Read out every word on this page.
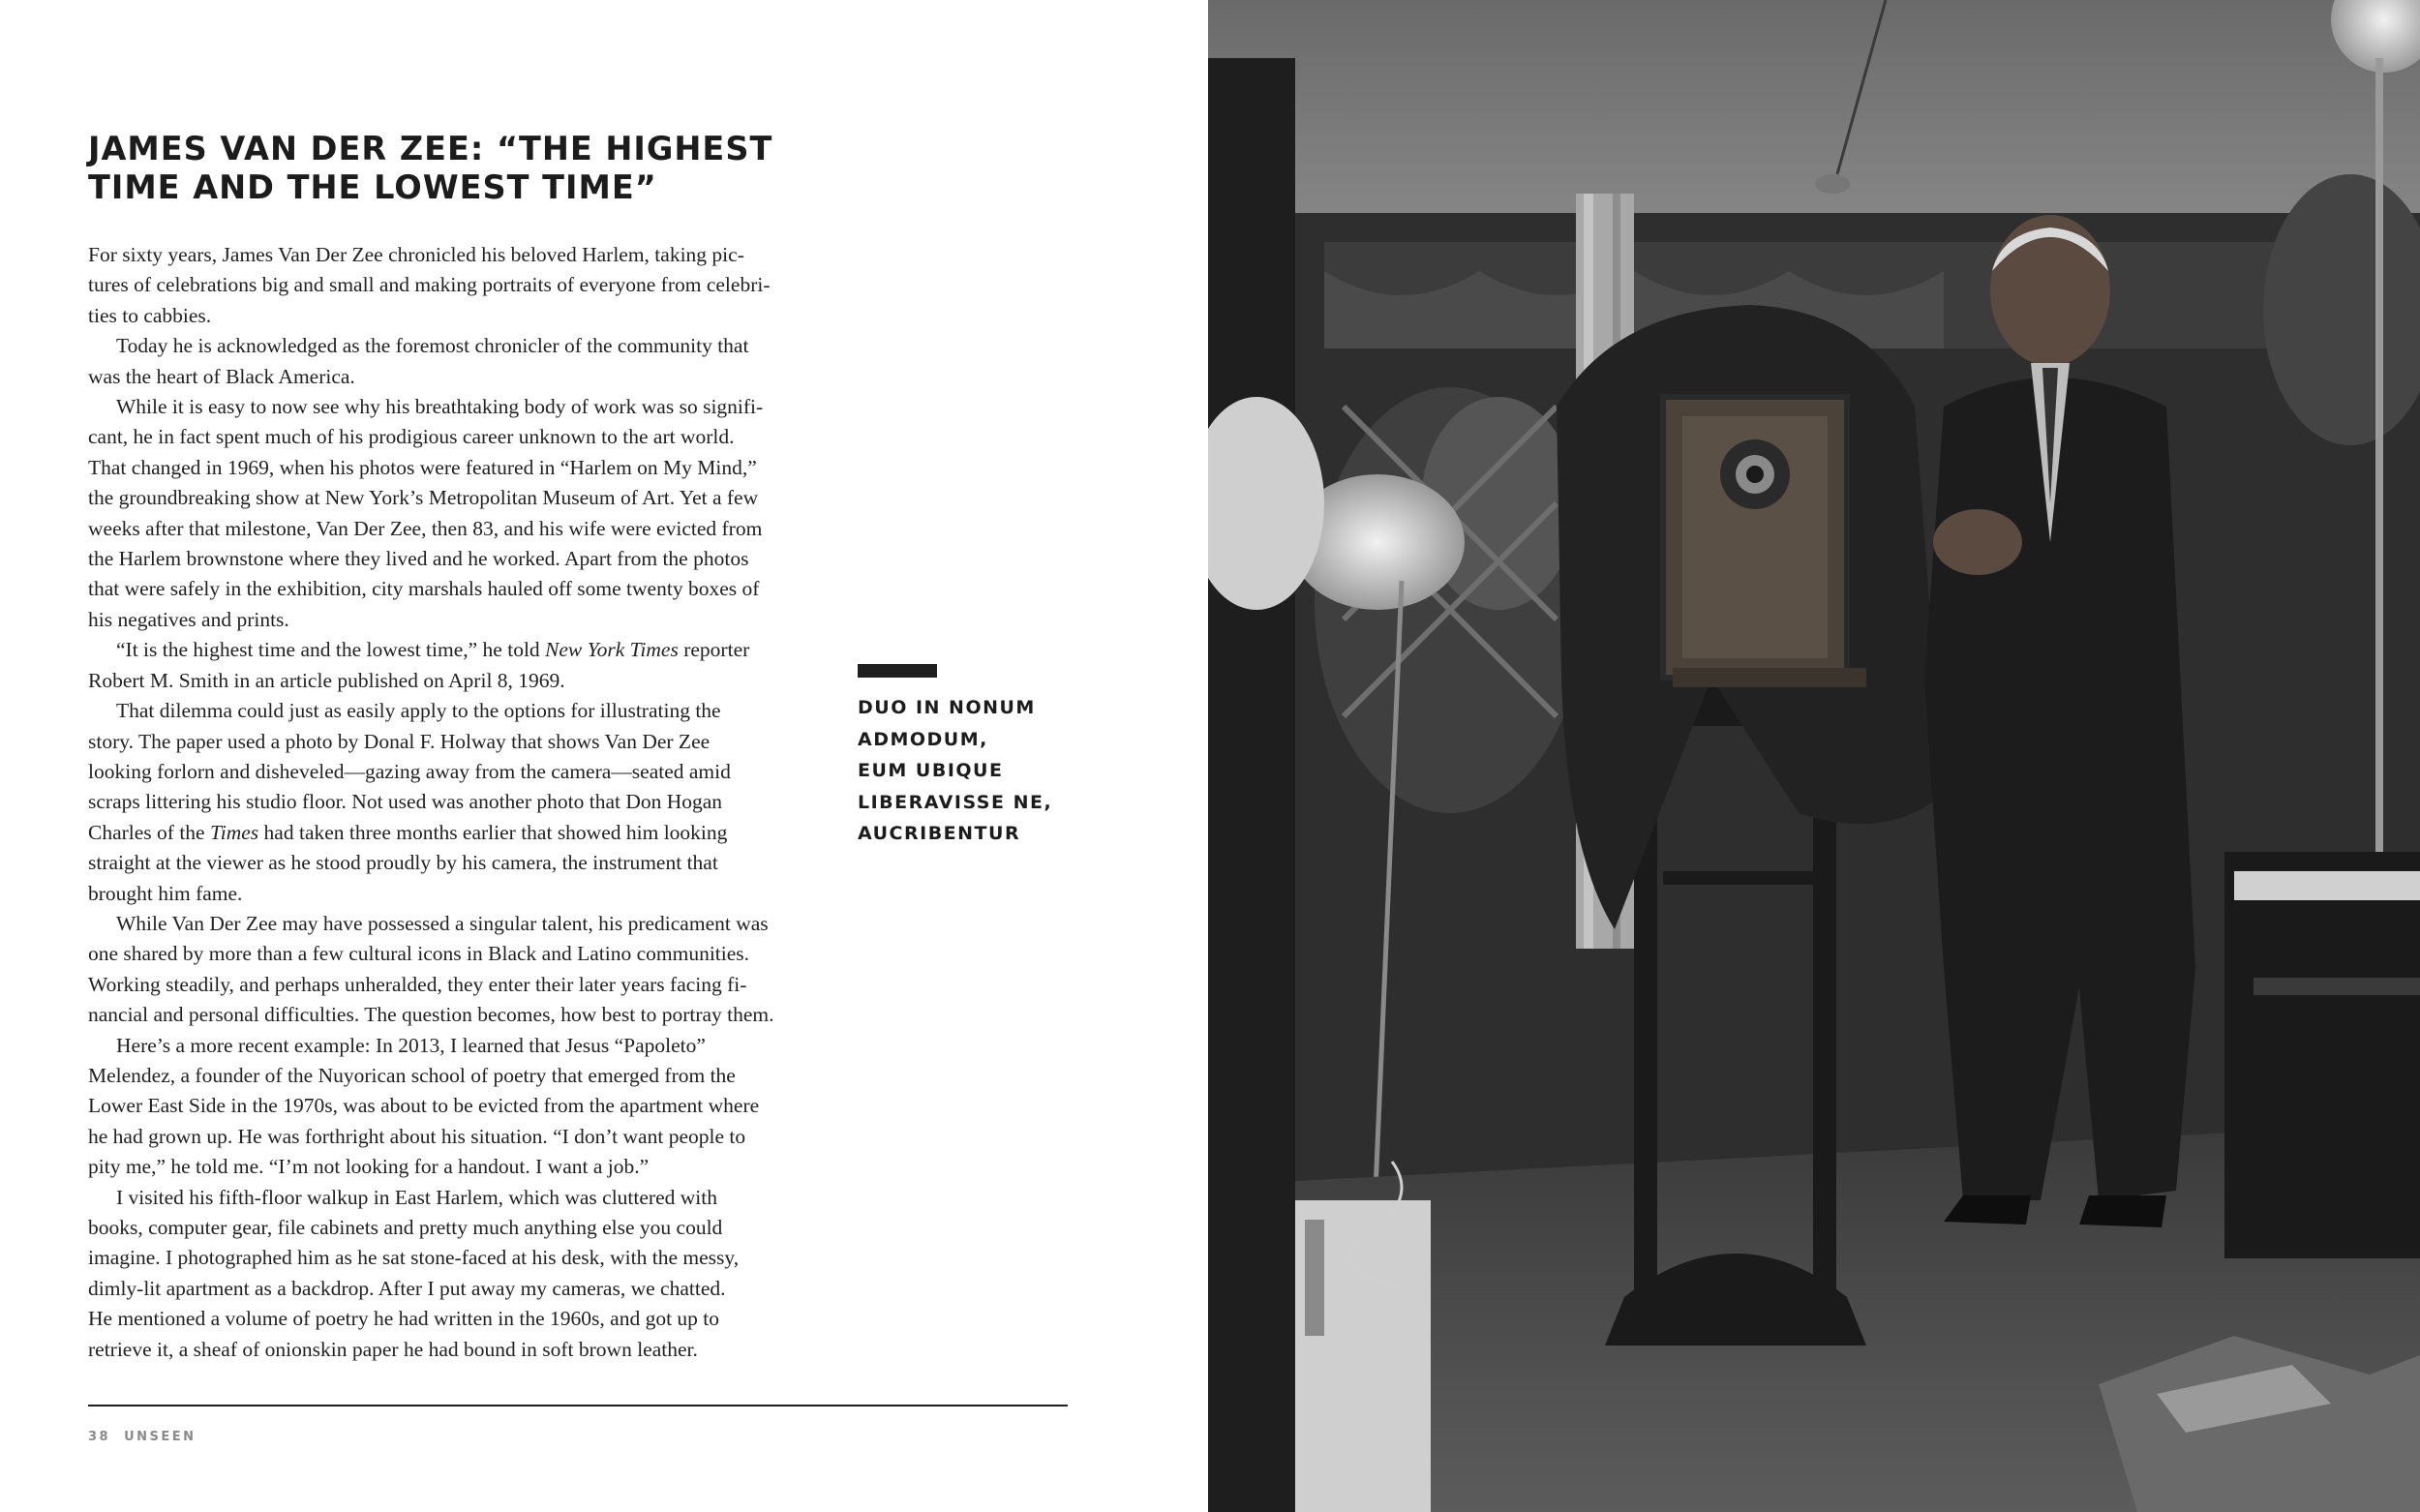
JAMES VAN DER ZEE: “THE HIGHEST
TIME AND THE LOWEST TIME”
For sixty years, James Van Der Zee chronicled his beloved Harlem, taking pic-
tures of celebrations big and small and making portraits of everyone from celebri-
ties to cabbies.
Today he is acknowledged as the foremost chronicler of the community that
was the heart of Black America.
While it is easy to now see why his breathtaking body of work was so signifi-
cant, he in fact spent much of his prodigious career unknown to the art world.
That changed in 1969, when his photos were featured in “Harlem on My Mind,”
the groundbreaking show at New York’s Metropolitan Museum of Art. Yet a few
weeks after that milestone, Van Der Zee, then 83, and his wife were evicted from
the Harlem brownstone where they lived and he worked. Apart from the photos
that were safely in the exhibition, city marshals hauled off some twenty boxes of
his negatives and prints.
“It is the highest time and the lowest time,” he told New York Times reporter
Robert M. Smith in an article published on April 8, 1969.
That dilemma could just as easily apply to the options for illustrating the
story. The paper used a photo by Donal F. Holway that shows Van Der Zee
looking forlorn and disheveled—gazing away from the camera—seated amid
scraps littering his studio floor. Not used was another photo that Don Hogan
Charles of the Times had taken three months earlier that showed him looking
straight at the viewer as he stood proudly by his camera, the instrument that
brought him fame.
While Van Der Zee may have possessed a singular talent, his predicament was
one shared by more than a few cultural icons in Black and Latino communities.
Working steadily, and perhaps unheralded, they enter their later years facing fi-
nancial and personal difficulties. The question becomes, how best to portray them.
Here’s a more recent example: In 2013, I learned that Jesus “Papoleto”
Melendez, a founder of the Nuyorican school of poetry that emerged from the
Lower East Side in the 1970s, was about to be evicted from the apartment where
he had grown up. He was forthright about his situation. “I don’t want people to
pity me,” he told me. “I’m not looking for a handout. I want a job.”
I visited his fifth-floor walkup in East Harlem, which was cluttered with
books, computer gear, file cabinets and pretty much anything else you could
imagine. I photographed him as he sat stone-faced at his desk, with the messy,
dimly-lit apartment as a backdrop. After I put away my cameras, we chatted.
He mentioned a volume of poetry he had written in the 1960s, and got up to
retrieve it, a sheaf of onionskin paper he had bound in soft brown leather.
DUO IN NONUM
ADMODUM,
EUM UBIQUE
LIBERAVISSE NE,
AUCRIBENTUR
38 UNSEEN
